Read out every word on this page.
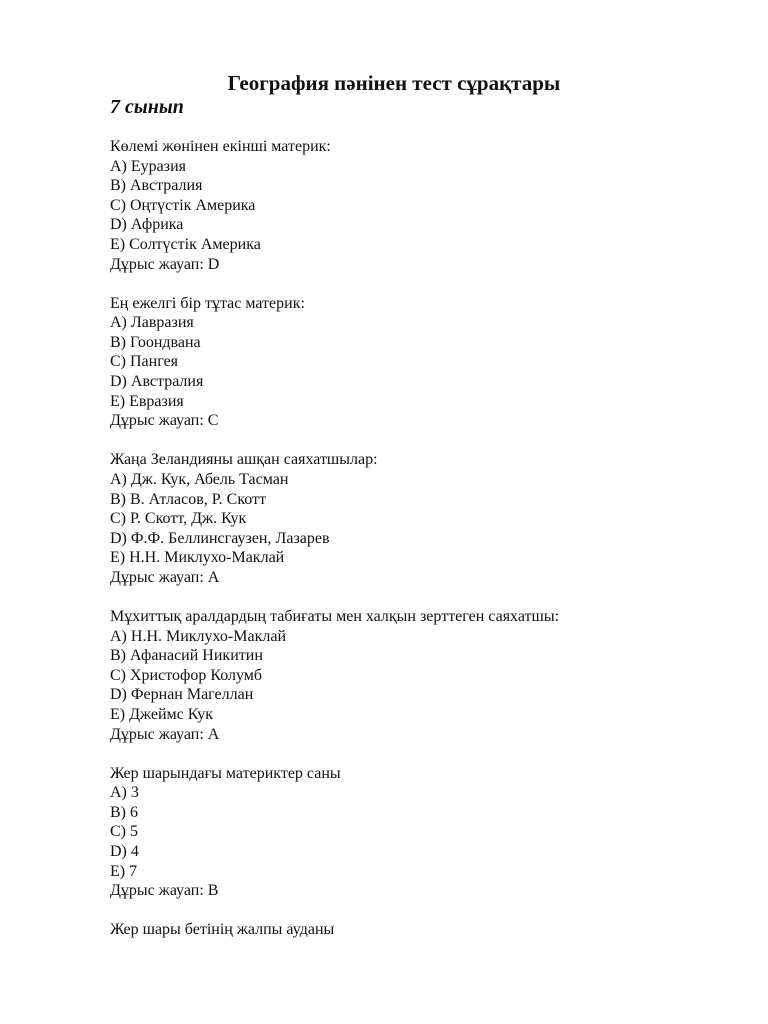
География пәнінен тест сұрақтары
7 сынып
Көлемі жөнінен екінші материк:
А) Еуразия
В) Австралия
С) Оңтүстік Америка
D) Африка
Е) Солтүстік Америка
Дұрыс жауап: D
Ең ежелгі бір тұтас материк:
А) Лавразия
В) Гоондвана
С) Пангея
D) Австралия
Е) Евразия
Дұрыс жауап: С
Жаңа Зеландияны ашқан саяхатшылар:
А) Дж. Кук, Абель Тасман
В) В. Атласов, Р. Скотт
С) Р. Скотт, Дж. Кук
D) Ф.Ф. Беллинсгаузен, Лазарев
Е) Н.Н. Миклухо-Маклай
Дұрыс жауап: А
Мұхиттық аралдардың табиғаты мен халқын зерттеген саяхатшы:
А) Н.Н. Миклухо-Маклай
В) Афанасий Никитин
С) Христофор Колумб
D) Фернан Магеллан
Е) Джеймс Кук
Дұрыс жауап: А
Жер шарындағы материктер саны
А) 3
В) 6
С) 5
D) 4
Е) 7
Дұрыс жауап: В
Жер шары бетінің жалпы ауданы
